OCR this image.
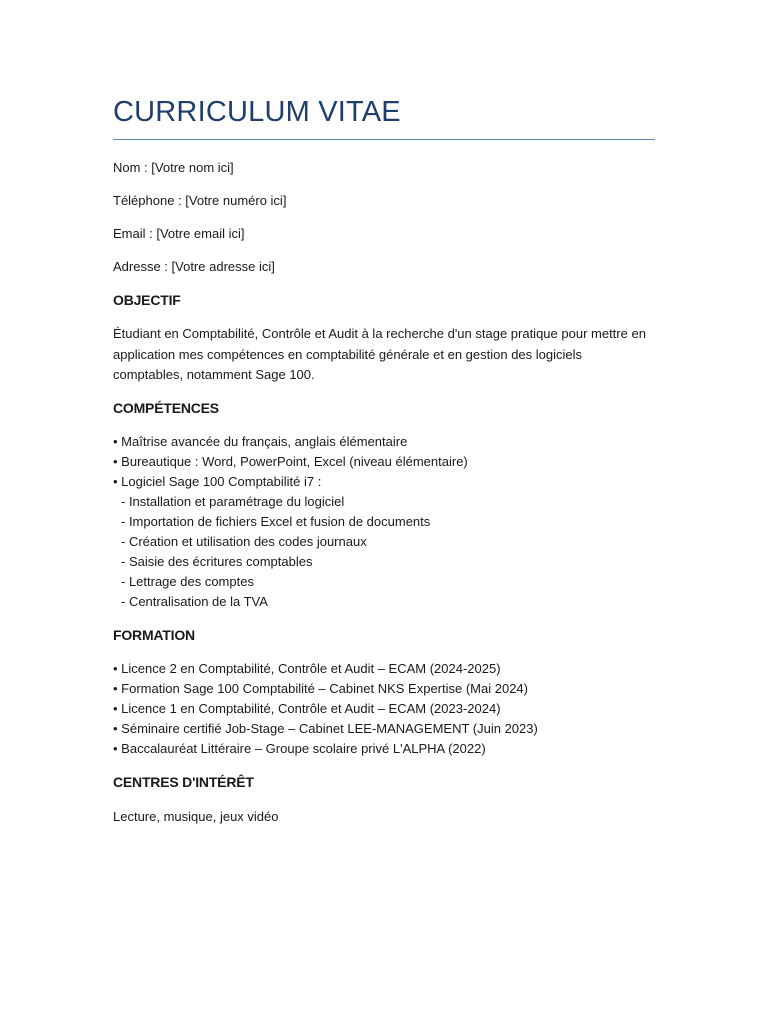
CURRICULUM VITAE
Nom : [Votre nom ici]
Téléphone : [Votre numéro ici]
Email : [Votre email ici]
Adresse : [Votre adresse ici]
OBJECTIF
Étudiant en Comptabilité, Contrôle et Audit à la recherche d'un stage pratique pour mettre en application mes compétences en comptabilité générale et en gestion des logiciels comptables, notamment Sage 100.
COMPÉTENCES
• Maîtrise avancée du français, anglais élémentaire
• Bureautique : Word, PowerPoint, Excel (niveau élémentaire)
• Logiciel Sage 100 Comptabilité i7 :
- Installation et paramétrage du logiciel
- Importation de fichiers Excel et fusion de documents
- Création et utilisation des codes journaux
- Saisie des écritures comptables
- Lettrage des comptes
- Centralisation de la TVA
FORMATION
• Licence 2 en Comptabilité, Contrôle et Audit – ECAM (2024-2025)
• Formation Sage 100 Comptabilité – Cabinet NKS Expertise (Mai 2024)
• Licence 1 en Comptabilité, Contrôle et Audit – ECAM (2023-2024)
• Séminaire certifié Job-Stage – Cabinet LEE-MANAGEMENT (Juin 2023)
• Baccalauréat Littéraire – Groupe scolaire privé L'ALPHA (2022)
CENTRES D'INTÉRÊT
Lecture, musique, jeux vidéo
